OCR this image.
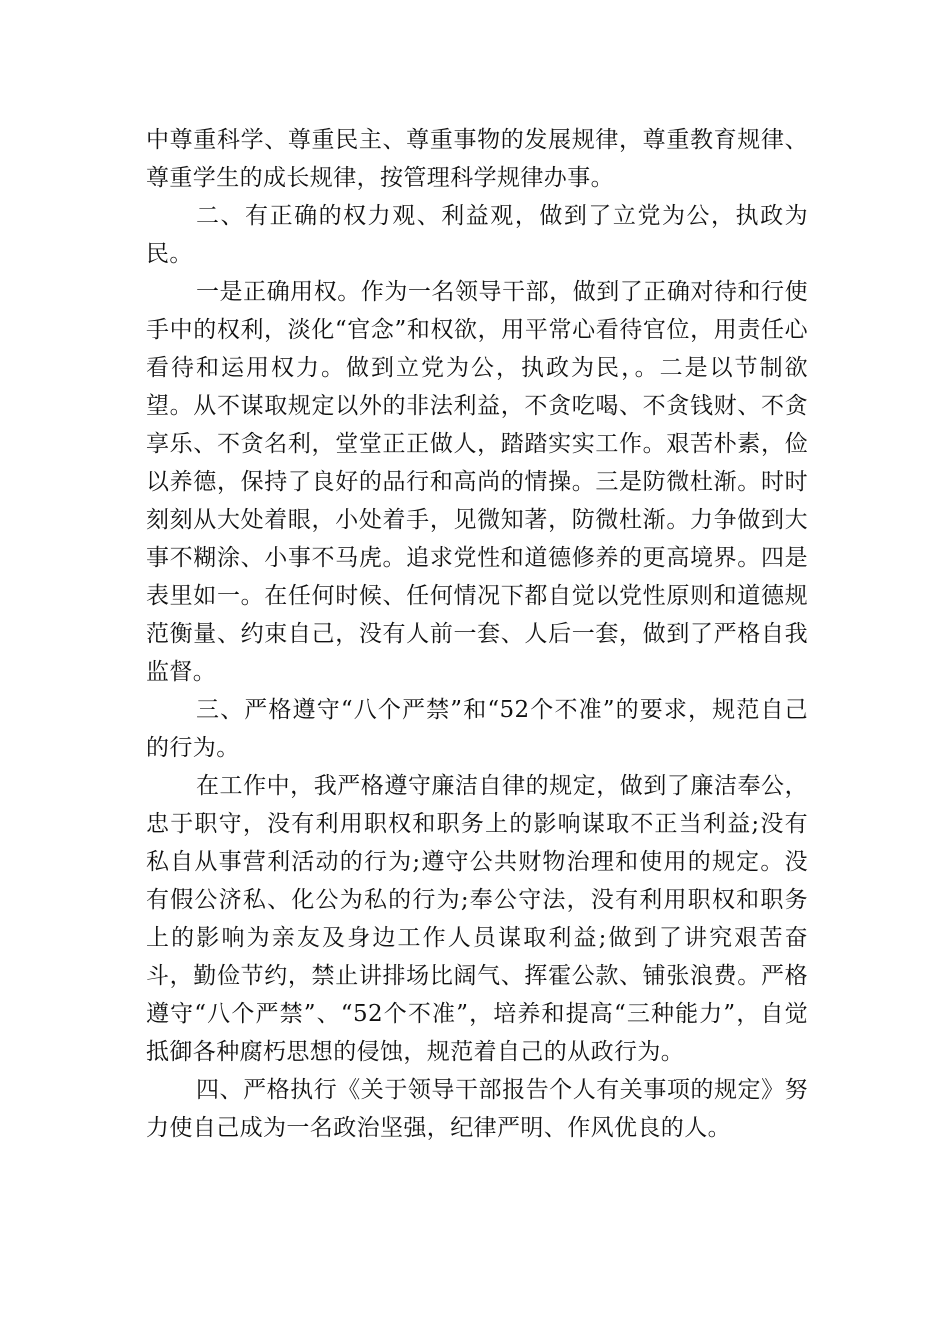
中尊重科学、尊重民主、尊重事物的发展规律，尊重教育规律、尊重学生的成长规律，按管理科学规律办事。

二、有正确的权力观、利益观，做到了立党为公，执政为民。

一是正确用权。作为一名领导干部，做到了正确对待和行使手中的权利，淡化“官念”和权欲，用平常心看待官位，用责任心看待和运用权力。做到立党为公，执政为民，。二是以节制欲望。从不谋取规定以外的非法利益，不贪吃喝、不贪钱财、不贪享乐、不贪名利，堂堂正正做人，踏踏实实工作。艰苦朴素，俭以养德，保持了良好的品行和高尚的情操。三是防微杜渐。时时刻刻从大处着眼，小处着手，见微知著，防微杜渐。力争做到大事不糊涂、小事不马虎。追求党性和道德修养的更高境界。四是表里如一。在任何时候、任何情况下都自觉以党性原则和道德规范衡量、约束自己，没有人前一套、人后一套，做到了严格自我监督。

三、严格遵守“八个严禁”和“52个不准”的要求，规范自己的行为。

在工作中，我严格遵守廉洁自律的规定，做到了廉洁奉公，忠于职守，没有利用职权和职务上的影响谋取不正当利益;没有私自从事营利活动的行为;遵守公共财物治理和使用的规定。没有假公济私、化公为私的行为;奉公守法，没有利用职权和职务上的影响为亲友及身边工作人员谋取利益;做到了讲究艰苦奋斗，勤俭节约，禁止讲排场比阔气、挥霍公款、铺张浪费。严格遵守“八个严禁”、“52个不准”，培养和提高“三种能力”，自觉抵御各种腐朽思想的侵蚀，规范着自己的从政行为。

四、严格执行《关于领导干部报告个人有关事项的规定》努力使自己成为一名政治坚强，纪律严明、作风优良的人。
